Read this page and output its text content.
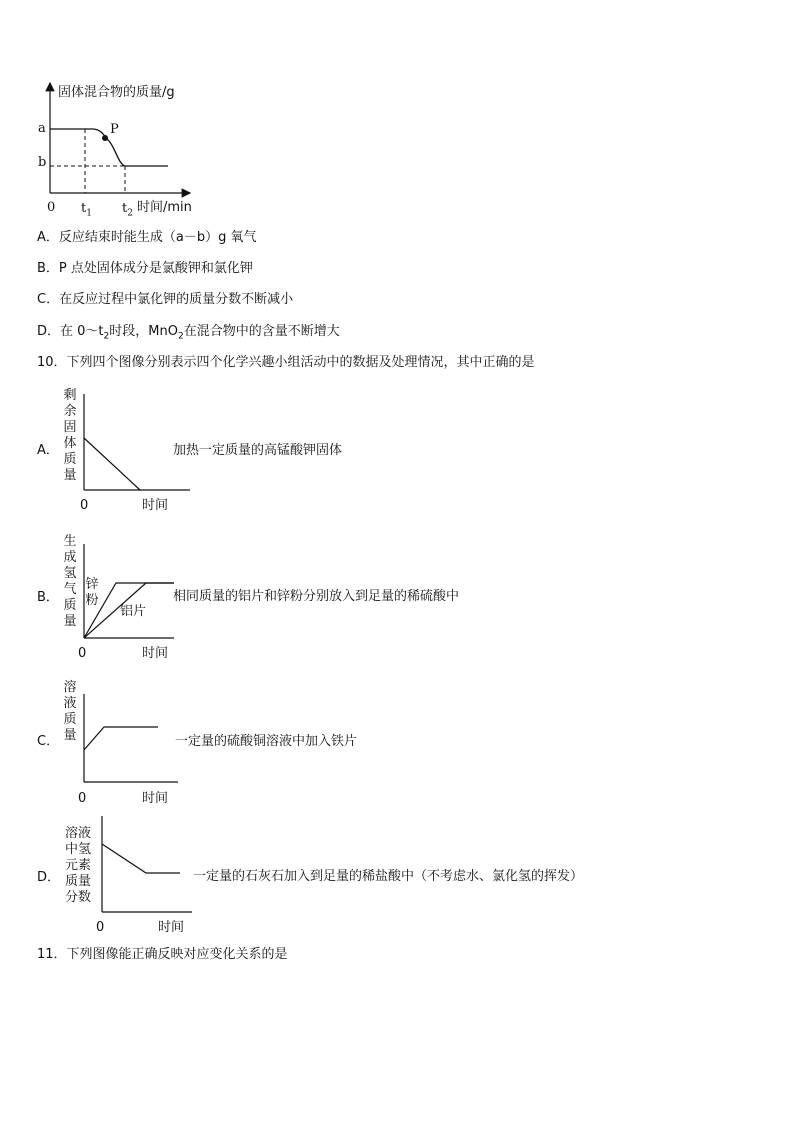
固体混合物的质量/g
a
b
P
0 $t_1$ $t_2$ 时间/min
A．反应结束时能生成（a－b）g 氧气
B．P 点处固体成分是氯酸钾和氯化钾
C．在反应过程中氯化钾的质量分数不断减小
D．在 $0\sim t_2$时段，MnO$_2$在混合物中的含量不断增大
10．下列四个图像分别表示四个化学兴趣小组活动中的数据及处理情况，其中正确的是
A．
剩余固体质量
0	时间
加热一定质量的高锰酸钾固体
B．
生成氢气质量
锌粉
铝片
0	时间
相同质量的铝片和锌粉分别放入到足量的稀硫酸中
C．
溶液质量
0	时间
一定量的硫酸铜溶液中加入铁片
D．
溶液中氢元素质量分数
0	时间
一定量的石灰石加入到足量的稀盐酸中（不考虑水、氯化氢的挥发）
11．下列图像能正确反映对应变化关系的是
